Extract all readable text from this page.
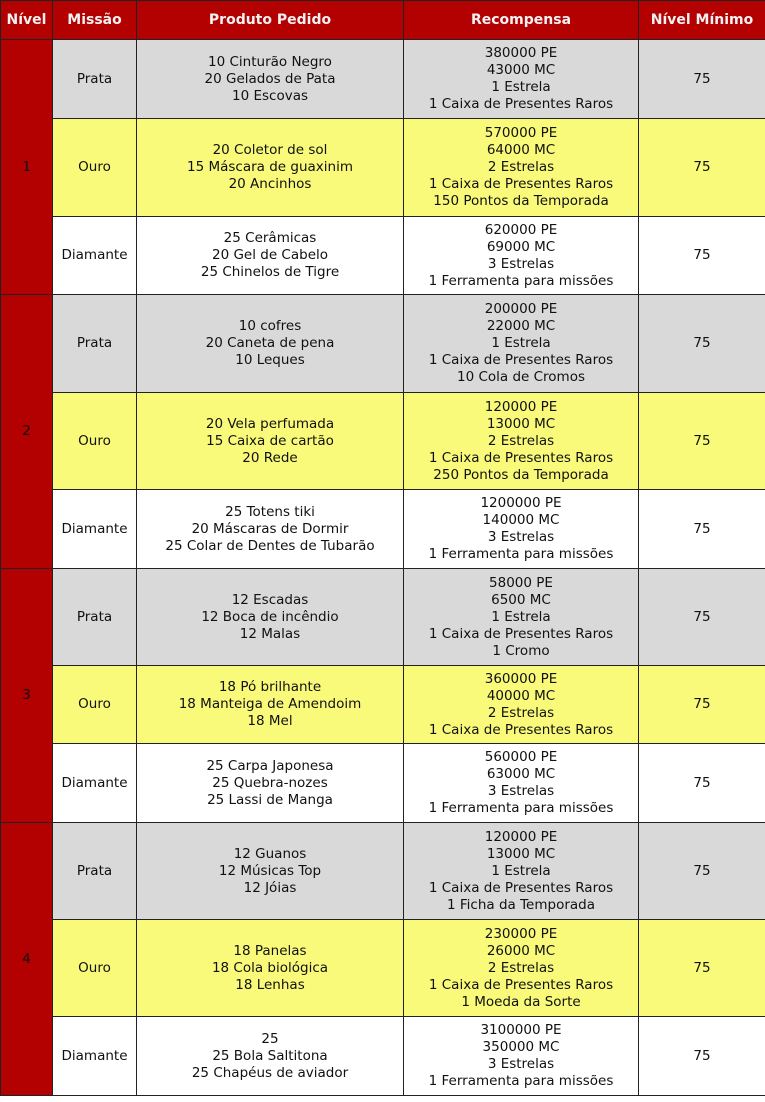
Nível	Missão	Produto Pedido	Recompensa	Nível Mínimo
1	Prata	10 Cinturão Negro
20 Gelados de Pata
10 Escovas	380000 PE
43000 MC
1 Estrela
1 Caixa de Presentes Raros	75
	Ouro	20 Coletor de sol
15 Máscara de guaxinim
20 Ancinhos	570000 PE
64000 MC
2 Estrelas
1 Caixa de Presentes Raros
150 Pontos da Temporada	75
	Diamante	25 Cerâmicas
20 Gel de Cabelo
25 Chinelos de Tigre	620000 PE
69000 MC
3 Estrelas
1 Ferramenta para missões	75
2	Prata	10 cofres
20 Caneta de pena
10 Leques	200000 PE
22000 MC
1 Estrela
1 Caixa de Presentes Raros
10 Cola de Cromos	75
	Ouro	20 Vela perfumada
15 Caixa de cartão
20 Rede	120000 PE
13000 MC
2 Estrelas
1 Caixa de Presentes Raros
250 Pontos da Temporada	75
	Diamante	25 Totens tiki
20 Máscaras de Dormir
25 Colar de Dentes de Tubarão	1200000 PE
140000 MC
3 Estrelas
1 Ferramenta para missões	75
3	Prata	12 Escadas
12 Boca de incêndio
12 Malas	58000 PE
6500 MC
1 Estrela
1 Caixa de Presentes Raros
1 Cromo	75
	Ouro	18 Pó brilhante
18 Manteiga de Amendoim
18 Mel	360000 PE
40000 MC
2 Estrelas
1 Caixa de Presentes Raros	75
	Diamante	25 Carpa Japonesa
25 Quebra-nozes
25 Lassi de Manga	560000 PE
63000 MC
3 Estrelas
1 Ferramenta para missões	75
4	Prata	12 Guanos
12 Músicas Top
12 Jóias	120000 PE
13000 MC
1 Estrela
1 Caixa de Presentes Raros
1 Ficha da Temporada	75
	Ouro	18 Panelas
18 Cola biológica
18 Lenhas	230000 PE
26000 MC
2 Estrelas
1 Caixa de Presentes Raros
1 Moeda da Sorte	75
	Diamante	25
25 Bola Saltitona
25 Chapéus de aviador	3100000 PE
350000 MC
3 Estrelas
1 Ferramenta para missões	75
